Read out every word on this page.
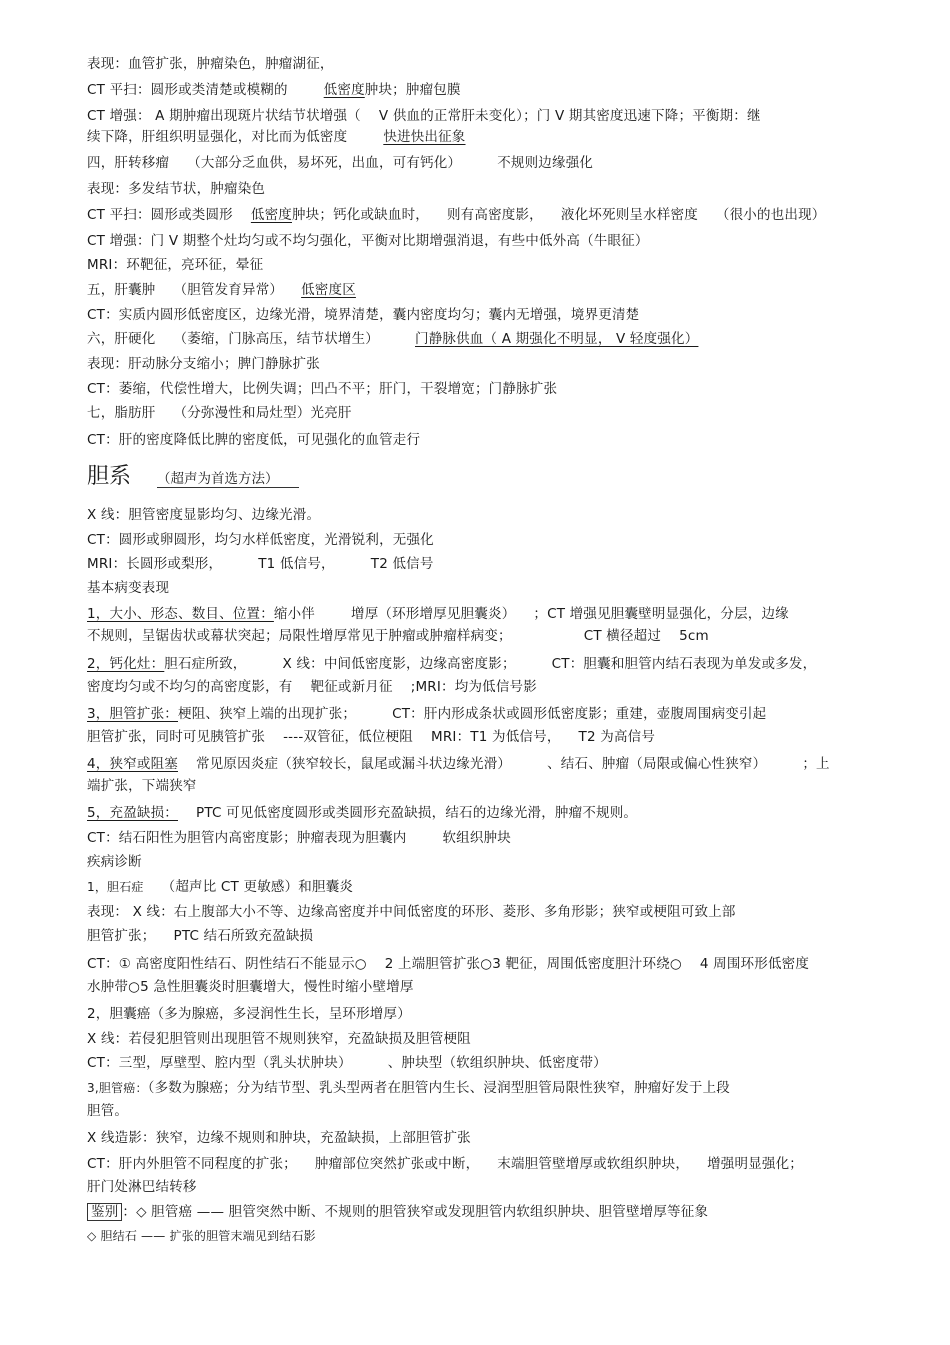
表现：血管扩张，肿瘤染色，肿瘤湖征，
CT 平扫：圆形或类清楚或模糊的	低密度肿块；肿瘤包膜
CT 增强： A 期肿瘤出现斑片状结节状增强（ V 供血的正常肝未变化）；门 V 期其密度迅速下降；平衡期：继
续下降，肝组织明显强化，对比而为低密度	快进快出征象
四，肝转移瘤 （大部分乏血供，易坏死，出血，可有钙化）	不规则边缘强化
表现：多发结节状，肿瘤染色
CT 平扫：圆形或类圆形 低密度肿块；钙化或缺血时， 则有高密度影， 液化坏死则呈水样密度 （很小的也出现）
CT 增强：门 V 期整个灶均匀或不均匀强化，平衡对比期增强消退，有些中低外高（牛眼征）
MRI：环靶征，亮环征，晕征
五，肝囊肿 （胆管发育异常） 低密度区
CT：实质内圆形低密度区，边缘光滑，境界清楚，囊内密度均匀；囊内无增强，境界更清楚
六，肝硬化 （萎缩，门脉高压，结节状增生）	门静脉供血（ A 期强化不明显， V 轻度强化）
表现：肝动脉分支缩小；脾门静脉扩张
CT：萎缩，代偿性增大，比例失调；凹凸不平；肝门，干裂增宽；门静脉扩张
七，脂肪肝 （分弥漫性和局灶型）光亮肝
CT：肝的密度降低比脾的密度低，可见强化的血管走行
胆系 （超声为首选方法）
X 线：胆管密度显影均匀、边缘光滑。
CT：圆形或卵圆形，均匀水样低密度，光滑锐利，无强化
MRI：长圆形或梨形，	T1 低信号，	T2 低信号
基本病变表现
1，大小、形态、数目、位置：缩小伴	增厚（环形增厚见胆囊炎） ；CT 增强见胆囊壁明显强化，分层，边缘
不规则，呈锯齿状或幕状突起；局限性增厚常见于肿瘤或肿瘤样病变；	CT 横径超过 5cm
2，钙化灶：胆石症所致，	X 线：中间低密度影，边缘高密度影；	CT：胆囊和胆管内结石表现为单发或多发，
密度均匀或不均匀的高密度影，有 靶征或新月征 ;MRI：均为低信号影
3，胆管扩张：梗阻、狭窄上端的出现扩张；	CT：肝内形成条状或圆形低密度影；重建，壶腹周围病变引起
胆管扩张，同时可见胰管扩张 ----双管征，低位梗阻 MRI：T1 为低信号， T2 为高信号
4，狭窄或阻塞 常见原因炎症（狭窄较长，鼠尾或漏斗状边缘光滑）	、结石、肿瘤（局限或偏心性狭窄）	；上
端扩张，下端狭窄
5，充盈缺损： PTC 可见低密度圆形或类圆形充盈缺损，结石的边缘光滑，肿瘤不规则。
CT：结石阳性为胆管内高密度影；肿瘤表现为胆囊内	软组织肿块
疾病诊断
1，胆石症 （超声比 CT 更敏感）和胆囊炎
表现： X 线：右上腹部大小不等、边缘高密度并中间低密度的环形、菱形、多角形影；狭窄或梗阻可致上部
胆管扩张； PTC 结石所致充盈缺损
CT：① 高密度阳性结石、阴性结石不能显示○ 2 上端胆管扩张○3 靶征，周围低密度胆汁环绕○ 4 周围环形低密度
水肿带○5 急性胆囊炎时胆囊增大，慢性时缩小壁增厚
2，胆囊癌（多为腺癌，多浸润性生长，呈环形增厚）
X 线：若侵犯胆管则出现胆管不规则狭窄，充盈缺损及胆管梗阻
CT：三型，厚壁型、腔内型（乳头状肿块）	、肿块型（软组织肿块、低密度带）
3,胆管癌：（多数为腺癌；分为结节型、乳头型两者在胆管内生长、浸润型胆管局限性狭窄，肿瘤好发于上段
胆管。
X 线造影：狭窄，边缘不规则和肿块，充盈缺损，上部胆管扩张
CT：肝内外胆管不同程度的扩张； 肿瘤部位突然扩张或中断， 末端胆管壁增厚或软组织肿块， 增强明显强化；
肝门处淋巴结转移
鉴别 ：◇ 胆管癌 —— 胆管突然中断、不规则的胆管狭窄或发现胆管内软组织肿块、胆管壁增厚等征象
◇ 胆结石 —— 扩张的胆管末端见到结石影
